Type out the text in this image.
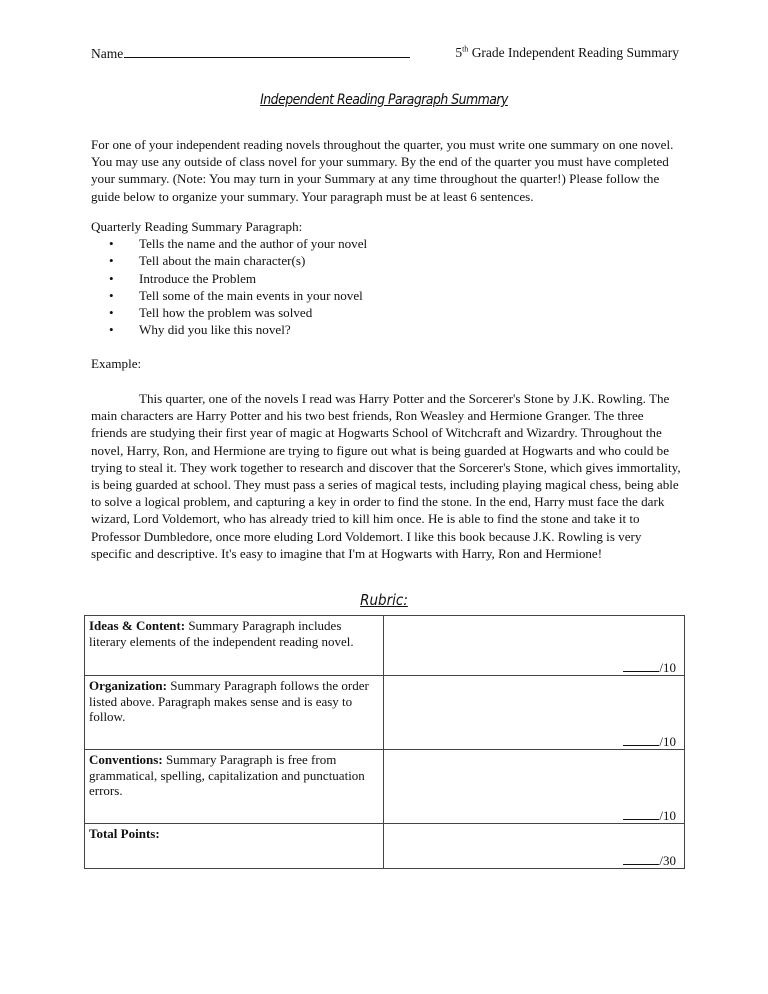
Name	5th Grade Independent Reading Summary
Independent Reading Paragraph Summary
For one of your independent reading novels throughout the quarter, you must write one summary on one novel. You may use any outside of class novel for your summary. By the end of the quarter you must have completed your summary. (Note: You may turn in your Summary at any time throughout the quarter!) Please follow the guide below to organize your summary. Your paragraph must be at least 6 sentences.
Quarterly Reading Summary Paragraph:
• Tells the name and the author of your novel
• Tell about the main character(s)
• Introduce the Problem
• Tell some of the main events in your novel
• Tell how the problem was solved
• Why did you like this novel?
Example:
This quarter, one of the novels I read was Harry Potter and the Sorcerer's Stone by J.K. Rowling. The main characters are Harry Potter and his two best friends, Ron Weasley and Hermione Granger. The three friends are studying their first year of magic at Hogwarts School of Witchcraft and Wizardry. Throughout the novel, Harry, Ron, and Hermione are trying to figure out what is being guarded at Hogwarts and who could be trying to steal it. They work together to research and discover that the Sorcerer's Stone, which gives immortality, is being guarded at school. They must pass a series of magical tests, including playing magical chess, being able to solve a logical problem, and capturing a key in order to find the stone. In the end, Harry must face the dark wizard, Lord Voldemort, who has already tried to kill him once. He is able to find the stone and take it to Professor Dumbledore, once more eluding Lord Voldemort. I like this book because J.K. Rowling is very specific and descriptive. It's easy to imagine that I'm at Hogwarts with Harry, Ron and Hermione!
Rubric:
Ideas & Content: Summary Paragraph includes literary elements of the independent reading novel.	/10

Organization: Summary Paragraph follows the order listed above. Paragraph makes sense and is easy to follow.	/10

Conventions: Summary Paragraph is free from grammatical, spelling, capitalization and punctuation errors.	/10

Total Points:	/30
